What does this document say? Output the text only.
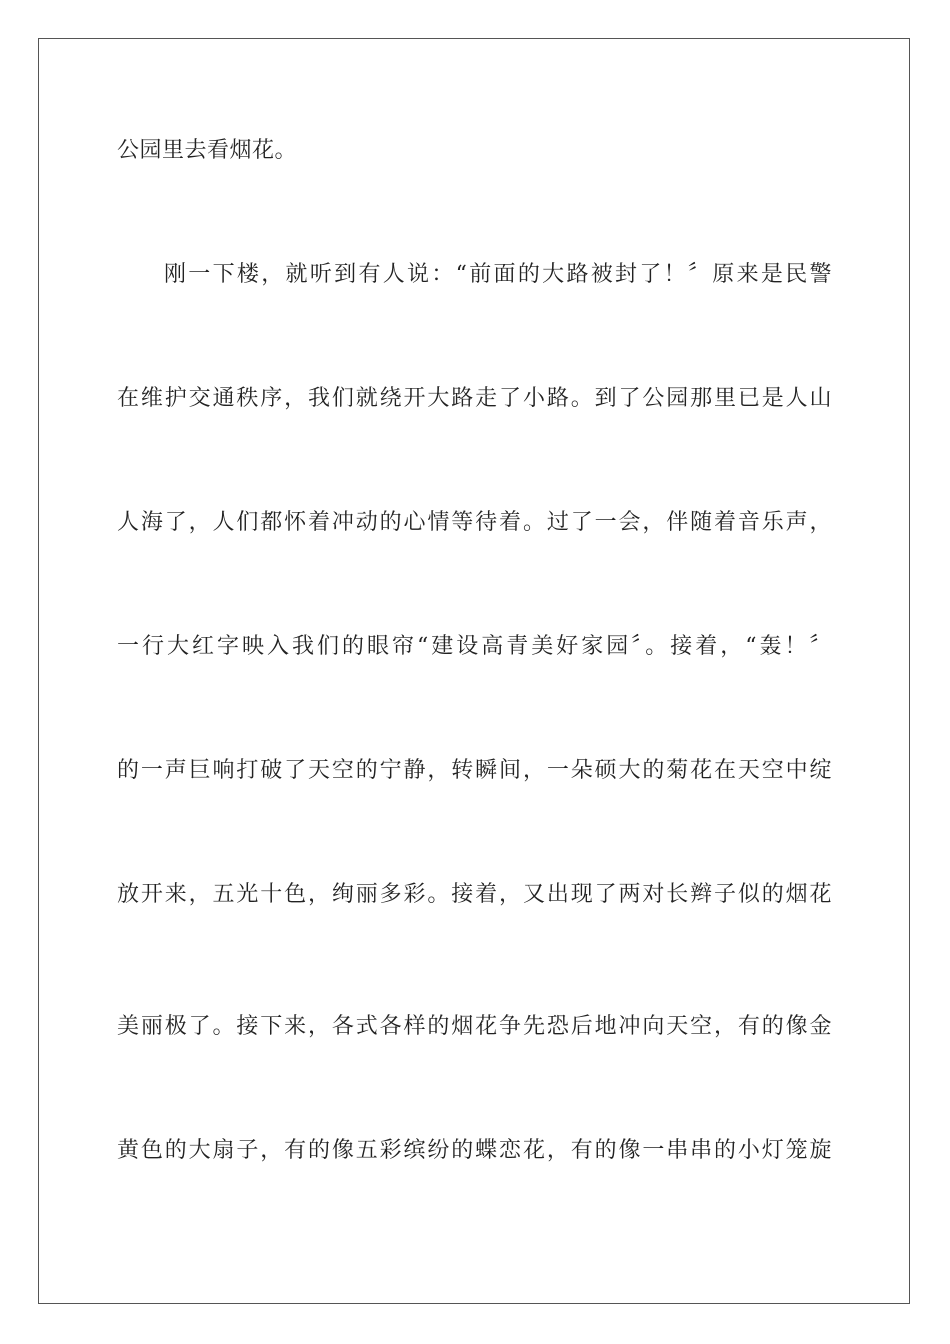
公园里去看烟花。
刚一下楼，就听到有人说：“前面的大路被封了！〞原来是民警
在维护交通秩序，我们就绕开大路走了小路。到了公园那里已是人山
人海了，人们都怀着冲动的心情等待着。过了一会，伴随着音乐声，
一行大红字映入我们的眼帘“建设高青美好家园〞。接着，“轰！〞
的一声巨响打破了天空的宁静，转瞬间，一朵硕大的菊花在天空中绽
放开来，五光十色，绚丽多彩。接着，又出现了两对长辫子似的烟花
美丽极了。接下来，各式各样的烟花争先恐后地冲向天空，有的像金
黄色的大扇子，有的像五彩缤纷的蝶恋花，有的像一串串的小灯笼旋
